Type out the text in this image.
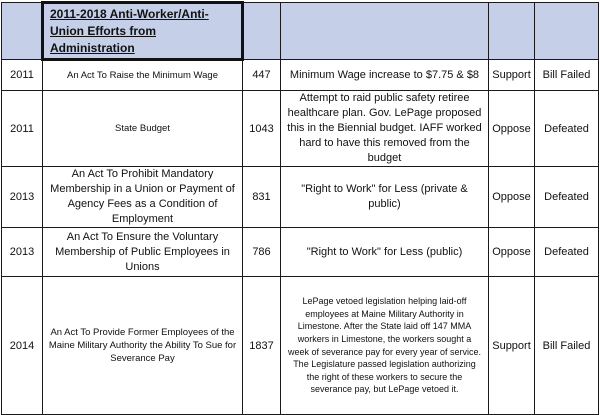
	2011-2018 Anti-Worker/Anti-Union Efforts from Administration				

2011	An Act To Raise the Minimum Wage	447	Minimum Wage increase to $7.75 & $8	Support	Bill Failed
2011	State Budget	1043	Attempt to raid public safety retiree healthcare plan. Gov. LePage proposed this in the Biennial budget. IAFF worked hard to have this removed from the budget	Oppose	Defeated
2013	An Act To Prohibit Mandatory Membership in a Union or Payment of Agency Fees as a Condition of Employment	831	"Right to Work" for Less (private & public)	Oppose	Defeated
2013	An Act To Ensure the Voluntary Membership of Public Employees in Unions	786	"Right to Work" for Less (public)	Oppose	Defeated
2014	An Act To Provide Former Employees of the Maine Military Authority the Ability To Sue for Severance Pay	1837	LePage vetoed legislation helping laid-off employees at Maine Military Authority in Limestone. After the State laid off 147 MMA workers in Limestone, the workers sought a week of severance pay for every year of service. The Legislature passed legislation authorizing the right of these workers to secure the severance pay, but LePage vetoed it.	Support	Bill Failed
